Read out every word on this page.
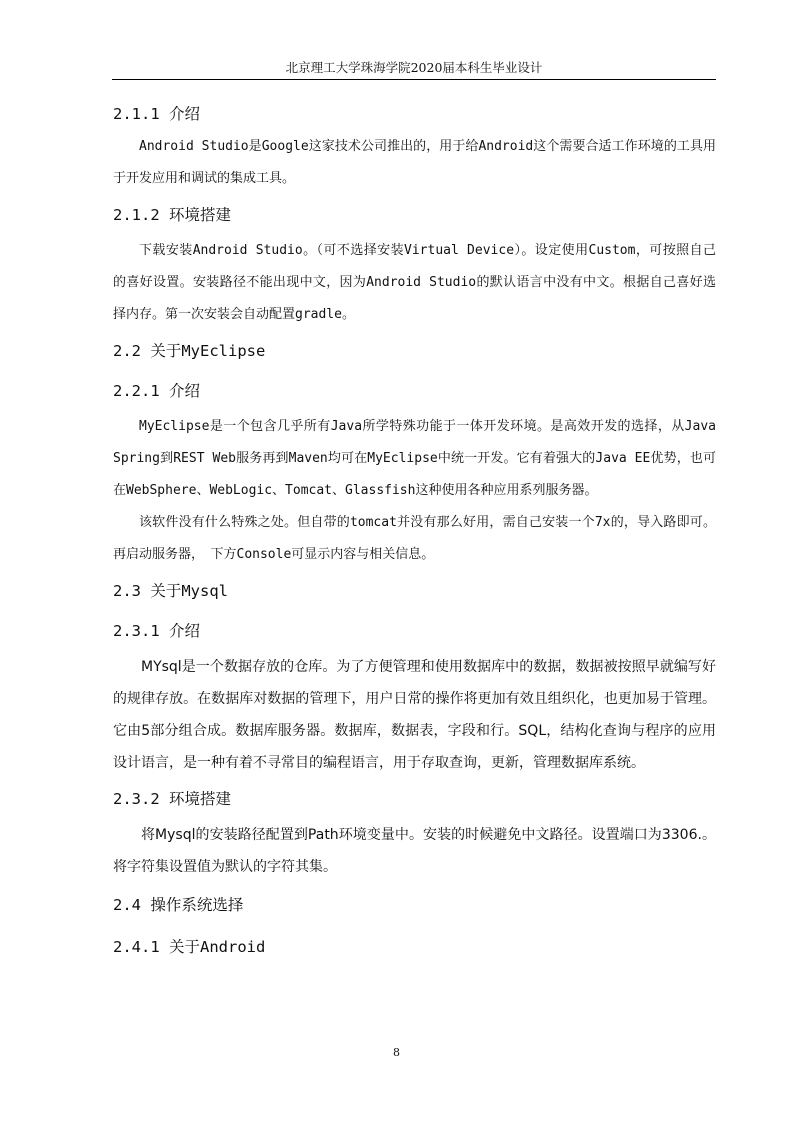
北京理工大学珠海学院2020届本科生毕业设计
2.1.1 介绍

Android Studio是Google这家技术公司推出的，用于给Android这个需要合适工作环境的工具用于开发应用和调试的集成工具。

2.1.2 环境搭建

下载安装Android Studio。（可不选择安装Virtual Device）。设定使用Custom，可按照自己的喜好设置。安装路径不能出现中文，因为Android Studio的默认语言中没有中文。根据自己喜好选择内存。第一次安装会自动配置gradle。

2.2 关于MyEclipse
2.2.1 介绍

MyEclipse是一个包含几乎所有Java所学特殊功能于一体开发环境。是高效开发的选择，从Java Spring到REST Web服务再到Maven均可在MyEclipse中统一开发。它有着强大的Java EE优势，也可在WebSphere、WebLogic、Tomcat、Glassfish这种使用各种应用系列服务器。

该软件没有什么特殊之处。但自带的tomcat并没有那么好用，需自己安装一个7x的，导入路即可。再启动服务器，　下方Console可显示内容与相关信息。

2.3 关于Mysql
2.3.1 介绍

MYsql是一个数据存放的仓库。为了方便管理和使用数据库中的数据，数据被按照早就编写好的规律存放。在数据库对数据的管理下，用户日常的操作将更加有效且组织化，也更加易于管理。它由5部分组合成。数据库服务器。数据库，数据表，字段和行。SQL，结构化查询与程序的应用设计语言，是一种有着不寻常目的编程语言，用于存取查询，更新，管理数据库系统。

2.3.2 环境搭建

将Mysql的安装路径配置到Path环境变量中。安装的时候避免中文路径。设置端口为3306.。将字符集设置值为默认的字符其集。

2.4 操作系统选择
2.4.1 关于Android
8
